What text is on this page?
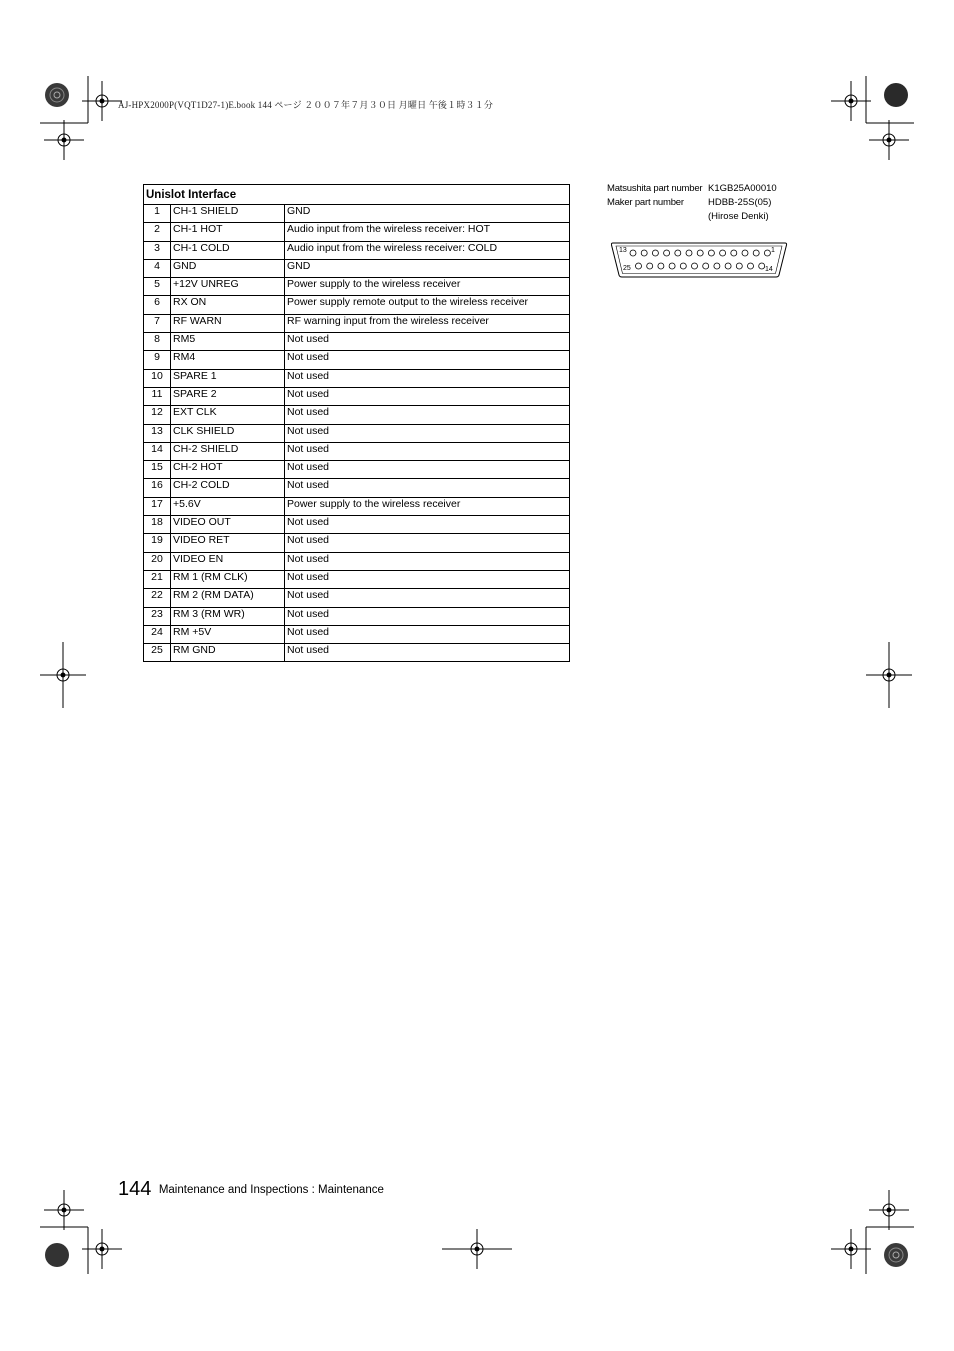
AJ-HPX2000P(VQT1D27-1)E.book 144 ページ ２００７年７月３０日 月曜日 午後１時３１分
Unislot Interface		
1	CH-1 SHIELD	GND
2	CH-1 HOT	Audio input from the wireless receiver: HOT
3	CH-1 COLD	Audio input from the wireless receiver: COLD
4	GND	GND
5	+12V UNREG	Power supply to the wireless receiver
6	RX ON	Power supply remote output to the wireless receiver
7	RF WARN	RF warning input from the wireless receiver
8	RM5	Not used
9	RM4	Not used
10	SPARE 1	Not used
11	SPARE 2	Not used
12	EXT CLK	Not used
13	CLK SHIELD	Not used
14	CH-2 SHIELD	Not used
15	CH-2 HOT	Not used
16	CH-2 COLD	Not used
17	+5.6V	Power supply to the wireless receiver
18	VIDEO OUT	Not used
19	VIDEO RET	Not used
20	VIDEO EN	Not used
21	RM 1 (RM CLK)	Not used
22	RM 2 (RM DATA)	Not used
23	RM 3 (RM WR)	Not used
24	RM +5V	Not used
25	RM GND	Not used
Matsushita part number K1GB25A00010
Maker part number	HDBB-25S(05)
(Hirose Denki)
13	1
25	14
144 Maintenance and Inspections : Maintenance
